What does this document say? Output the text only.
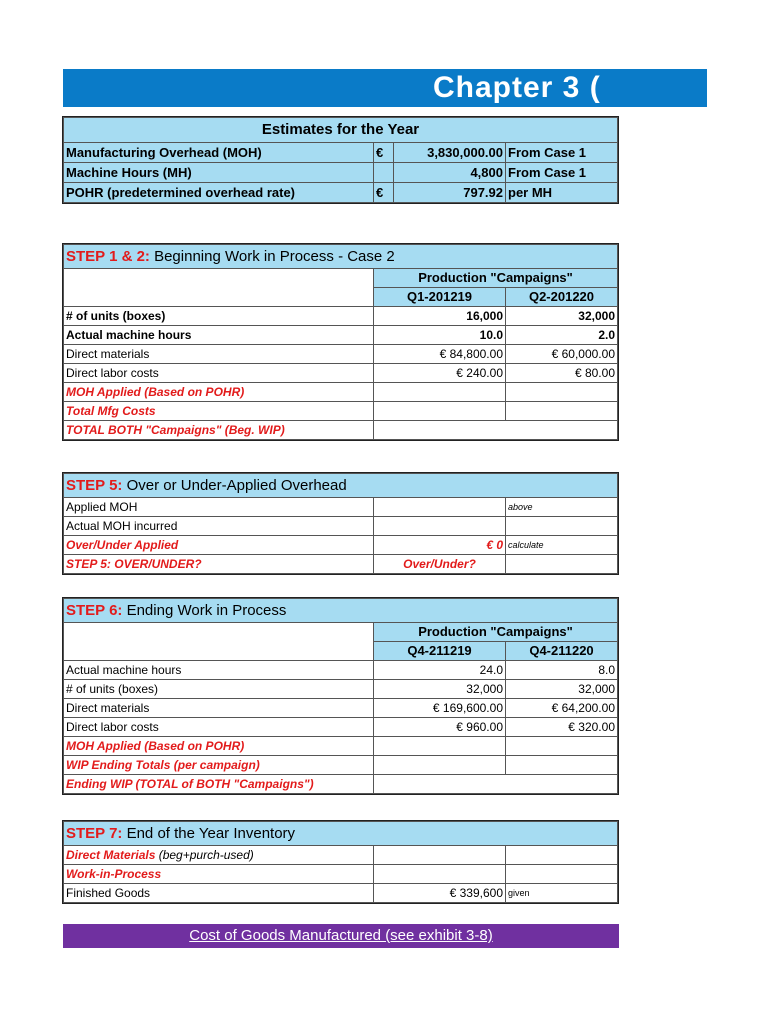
Chapter 3 (
Estimates for the Year			
Manufacturing Overhead (MOH)	€	3,830,000.00	From Case 1
Machine Hours (MH)		4,800	From Case 1
POHR (predetermined overhead rate)	€	797.92	per MH
STEP 1 & 2: Beginning Work in Process - Case 2		
	Production "Campaigns"	
	Q1-201219	Q2-201220
# of units (boxes)	16,000	32,000
Actual machine hours	10.0	2.0
Direct materials	€ 84,800.00	€ 60,000.00
Direct labor costs	€ 240.00	€ 80.00
MOH Applied (Based on POHR)		
Total Mfg Costs		
TOTAL BOTH "Campaigns" (Beg. WIP)		
STEP 5: Over or Under-Applied Overhead		
Applied MOH		above
Actual MOH incurred		
Over/Under Applied	€ 0	calculate
STEP 5: OVER/UNDER?	Over/Under?	
STEP 6: Ending Work in Process		
	Production "Campaigns"	
	Q4-211219	Q4-211220
Actual machine hours	24.0	8.0
# of units (boxes)	32,000	32,000
Direct materials	€ 169,600.00	€ 64,200.00
Direct labor costs	€ 960.00	€ 320.00
MOH Applied (Based on POHR)		
WIP Ending Totals (per campaign)		
Ending WIP (TOTAL of BOTH "Campaigns")		
STEP 7: End of the Year Inventory		
Direct Materials (beg+purch-used)		
Work-in-Process		
Finished Goods	€ 339,600	given
Cost of Goods Manufactured (see exhibit 3-8)
